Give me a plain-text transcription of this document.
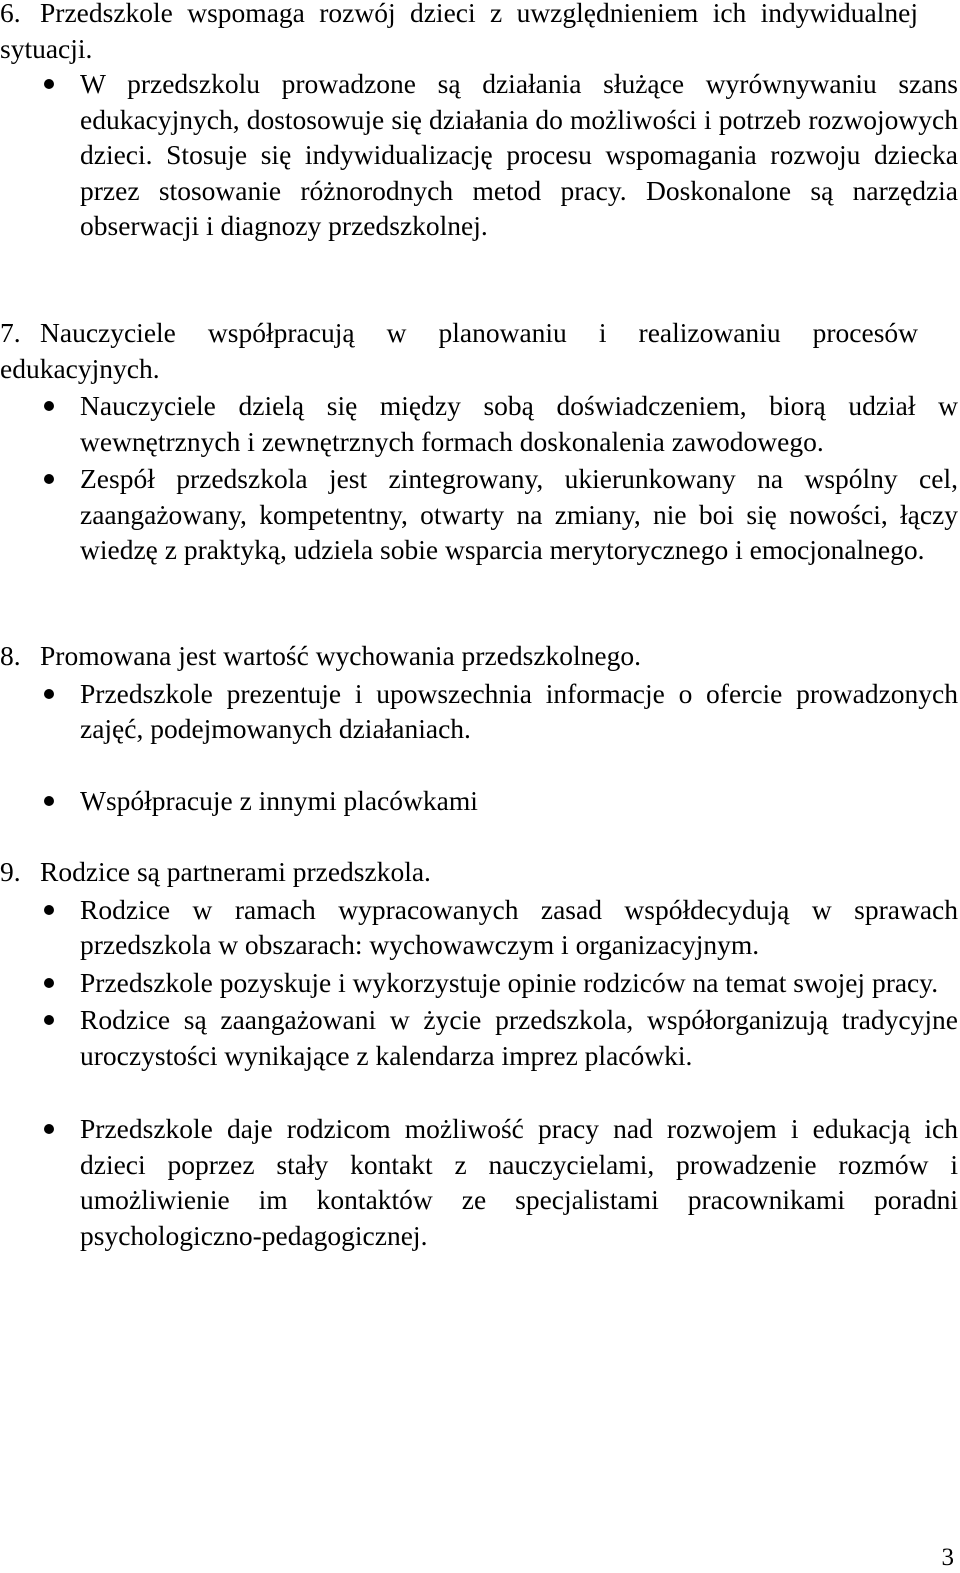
6. Przedszkole wspomaga rozwój dzieci z uwzględnieniem ich indywidualnej sytuacji.

W przedszkolu prowadzone są działania służące wyrównywaniu szans edukacyjnych, dostosowuje się działania do możliwości i potrzeb rozwojowych dzieci. Stosuje się indywidualizację procesu wspomagania rozwoju dziecka przez stosowanie różnorodnych metod pracy. Doskonalone są narzędzia obserwacji i diagnozy przedszkolnej.

7. Nauczyciele współpracują w planowaniu i realizowaniu procesów edukacyjnych.

Nauczyciele dzielą się między sobą doświadczeniem, biorą udział w wewnętrznych i zewnętrznych formach doskonalenia zawodowego.
Zespół przedszkola jest zintegrowany, ukierunkowany na wspólny cel, zaangażowany, kompetentny, otwarty na zmiany, nie boi się nowości, łączy wiedzę z praktyką, udziela sobie wsparcia merytorycznego i emocjonalnego.

8. Promowana jest wartość wychowania przedszkolnego.

Przedszkole prezentuje i upowszechnia informacje o ofercie prowadzonych zajęć, podejmowanych działaniach.
Współpracuje z innymi placówkami

9. Rodzice są partnerami przedszkola.

Rodzice w ramach wypracowanych zasad współdecydują w sprawach przedszkola w obszarach: wychowawczym i organizacyjnym.
Przedszkole pozyskuje i wykorzystuje opinie rodziców na temat swojej pracy.
Rodzice są zaangażowani w życie przedszkola, współorganizują tradycyjne uroczystości wynikające z kalendarza imprez placówki.
Przedszkole daje rodzicom możliwość pracy nad rozwojem i edukacją ich dzieci poprzez stały kontakt z nauczycielami, prowadzenie rozmów i umożliwienie im kontaktów ze specjalistami pracownikami poradni psychologiczno-pedagogicznej.
3
